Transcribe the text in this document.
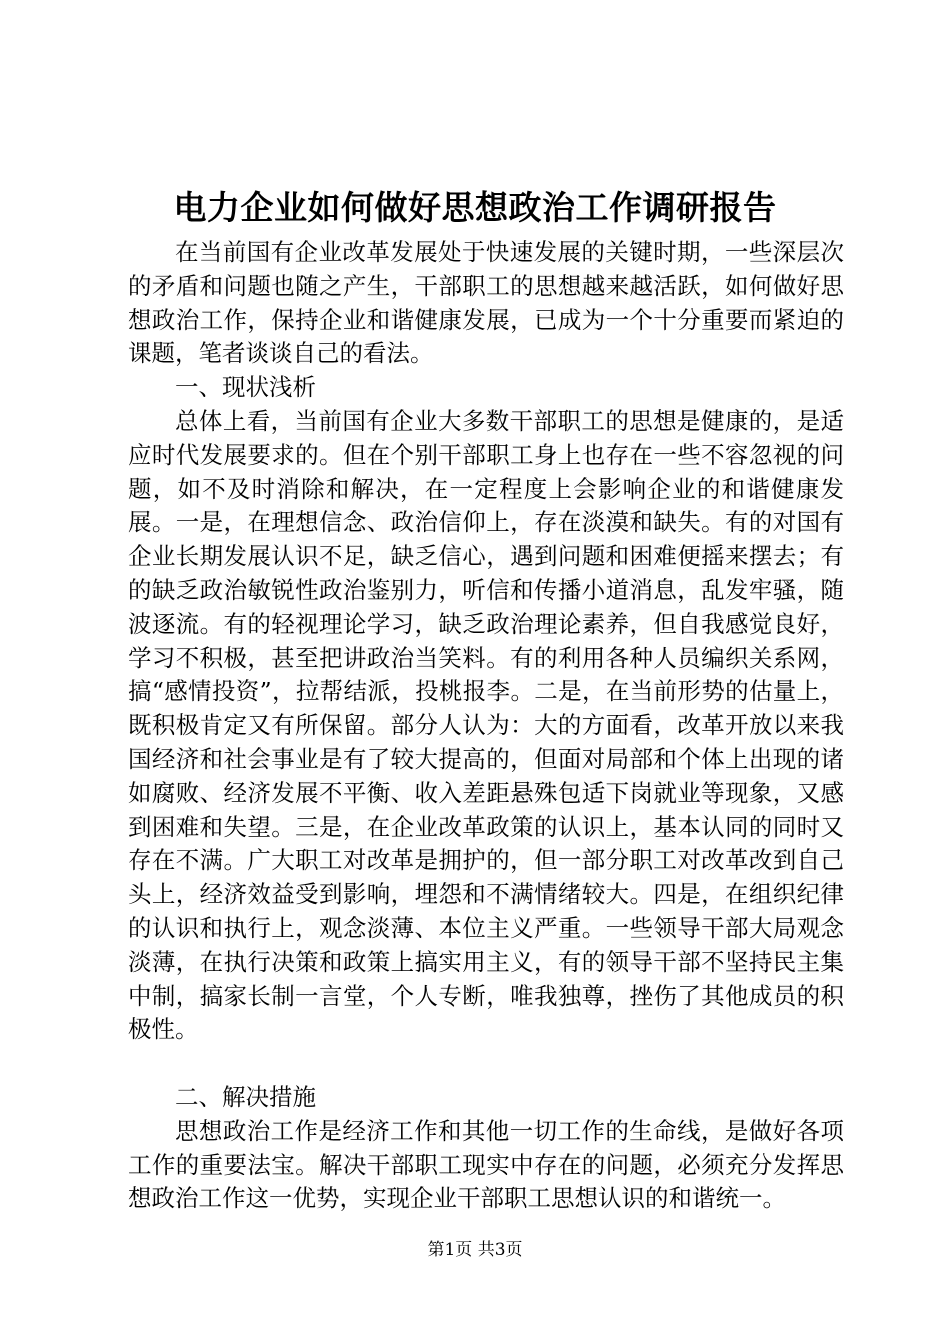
电力企业如何做好思想政治工作调研报告

在当前国有企业改革发展处于快速发展的关键时期，一些深层次的矛盾和问题也随之产生，干部职工的思想越来越活跃，如何做好思想政治工作，保持企业和谐健康发展，已成为一个十分重要而紧迫的课题，笔者谈谈自己的看法。

一、现状浅析

总体上看，当前国有企业大多数干部职工的思想是健康的，是适应时代发展要求的。但在个别干部职工身上也存在一些不容忽视的问题，如不及时消除和解决，在一定程度上会影响企业的和谐健康发展。一是，在理想信念、政治信仰上，存在淡漠和缺失。有的对国有企业长期发展认识不足，缺乏信心，遇到问题和困难便摇来摆去；有的缺乏政治敏锐性政治鉴别力，听信和传播小道消息，乱发牢骚，随波逐流。有的轻视理论学习，缺乏政治理论素养，但自我感觉良好，学习不积极，甚至把讲政治当笑料。有的利用各种人员编织关系网，搞“感情投资”，拉帮结派，投桃报李。二是，在当前形势的估量上，既积极肯定又有所保留。部分人认为：大的方面看，改革开放以来我国经济和社会事业是有了较大提高的，但面对局部和个体上出现的诸如腐败、经济发展不平衡、收入差距悬殊包适下岗就业等现象，又感到困难和失望。三是，在企业改革政策的认识上，基本认同的同时又存在不满。广大职工对改革是拥护的，但一部分职工对改革改到自己头上，经济效益受到影响，埋怨和不满情绪较大。四是，在组织纪律的认识和执行上，观念淡薄、本位主义严重。一些领导干部大局观念淡薄，在执行决策和政策上搞实用主义，有的领导干部不坚持民主集中制，搞家长制一言堂，个人专断，唯我独尊，挫伤了其他成员的积极性。

二、解决措施

思想政治工作是经济工作和其他一切工作的生命线，是做好各项工作的重要法宝。解决干部职工现实中存在的问题，必须充分发挥思想政治工作这一优势，实现企业干部职工思想认识的和谐统一。

第1页 共3页
